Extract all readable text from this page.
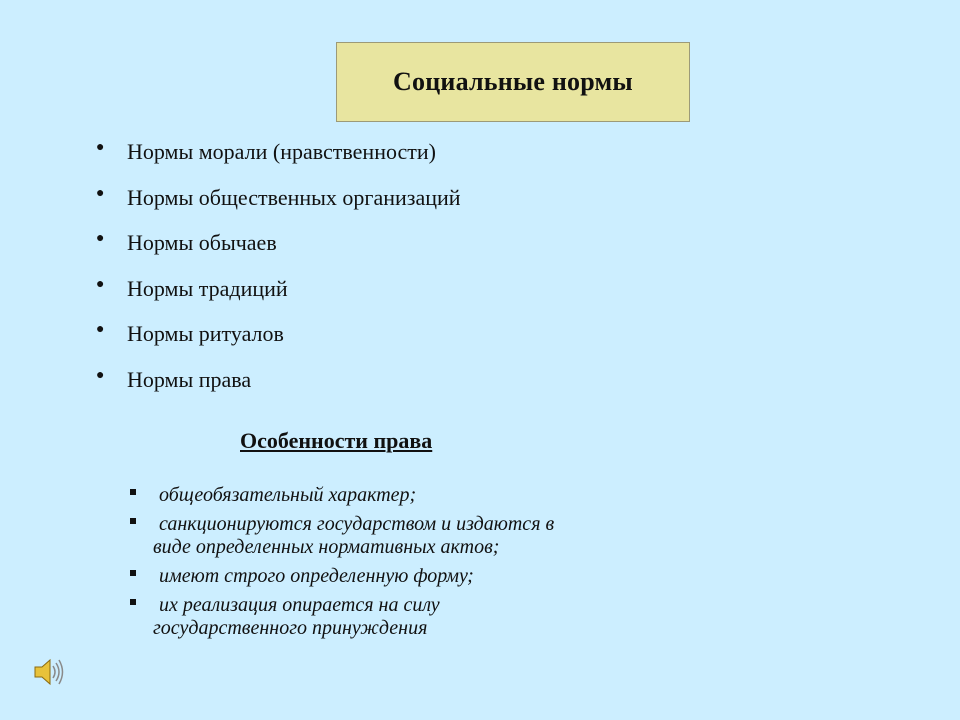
Социальные нормы
● Нормы морали (нравственности)
● Нормы общественных организаций
● Нормы обычаев
● Нормы традиций
● Нормы ритуалов
● Нормы права
Особенности права
общеобязательный характер;
санкционируются государством и издаются в виде определенных нормативных актов;
имеют строго определенную форму;
их реализация опирается на силу государственного принуждения
